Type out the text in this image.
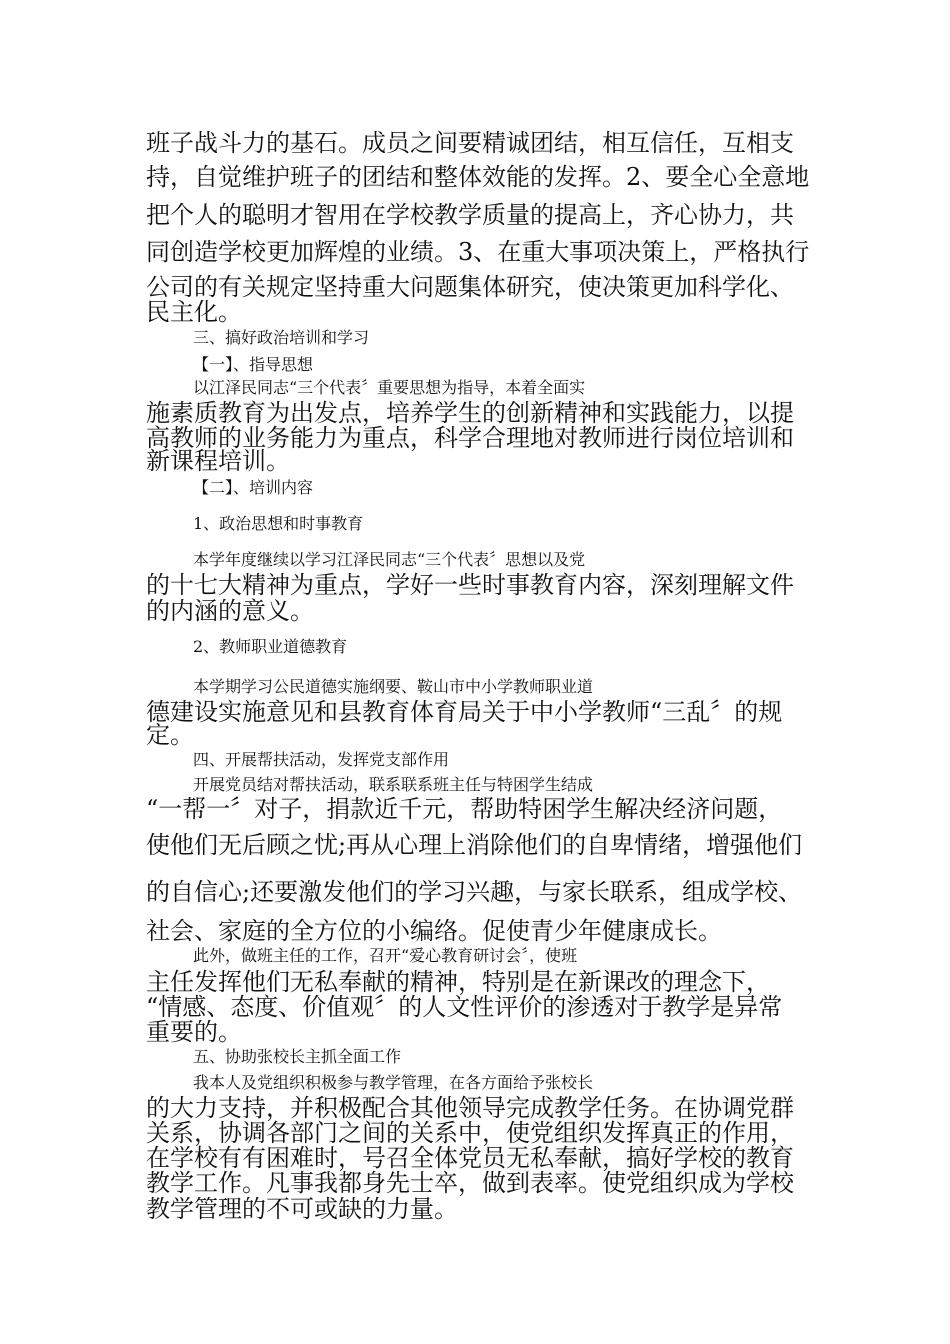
班子战斗力的基石。成员之间要精诚团结，相互信任，互相支
持，自觉维护班子的团结和整体效能的发挥。2、要全心全意地
把个人的聪明才智用在学校教学质量的提高上，齐心协力，共
同创造学校更加辉煌的业绩。3、在重大事项决策上，严格执行
公司的有关规定坚持重大问题集体研究，使决策更加科学化、
民主化。
三、搞好政治培训和学习
【一】、指导思想
以江泽民同志“三个代表〞重要思想为指导，本着全面实
施素质教育为出发点，培养学生的创新精神和实践能力，以提
高教师的业务能力为重点，科学合理地对教师进行岗位培训和
新课程培训。
【二】、培训内容
1、政治思想和时事教育
本学年度继续以学习江泽民同志“三个代表〞思想以及党
的十七大精神为重点，学好一些时事教育内容，深刻理解文件
的内涵的意义。
2、教师职业道德教育
本学期学习公民道德实施纲要、鞍山市中小学教师职业道
德建设实施意见和县教育体育局关于中小学教师“三乱〞的规
定。
四、开展帮扶活动，发挥党支部作用
开展党员结对帮扶活动，联系联系班主任与特困学生结成
“一帮一〞对子，捐款近千元，帮助特困学生解决经济问题，
使他们无后顾之忧;再从心理上消除他们的自卑情绪，增强他们
的自信心;还要激发他们的学习兴趣，与家长联系，组成学校、
社会、家庭的全方位的小编络。促使青少年健康成长。
此外，做班主任的工作，召开“爱心教育研讨会〞，使班
主任发挥他们无私奉献的精神，特别是在新课改的理念下，
“情感、态度、价值观〞的人文性评价的渗透对于教学是异常
重要的。
五、协助张校长主抓全面工作
我本人及党组织积极参与教学管理，在各方面给予张校长
的大力支持，并积极配合其他领导完成教学任务。在协调党群
关系，协调各部门之间的关系中，使党组织发挥真正的作用，
在学校有有困难时，号召全体党员无私奉献，搞好学校的教育
教学工作。凡事我都身先士卒，做到表率。使党组织成为学校
教学管理的不可或缺的力量。
